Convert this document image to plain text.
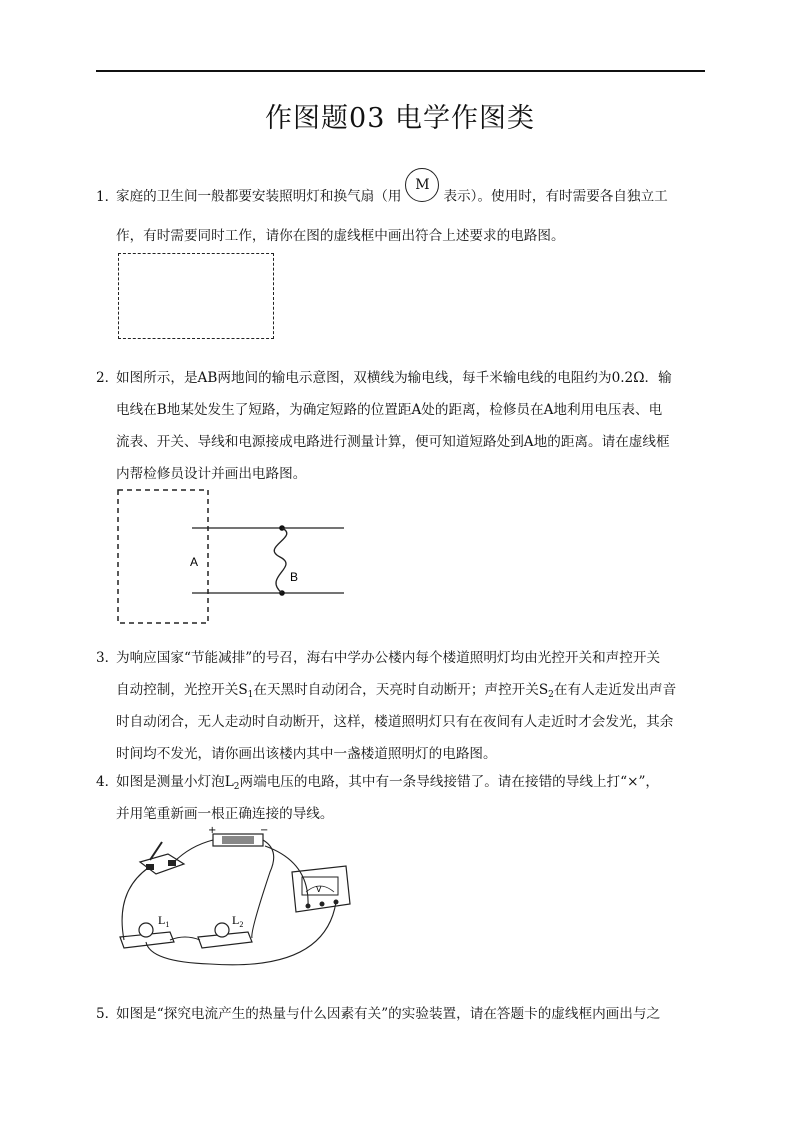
作图题03 电学作图类
1．家庭的卫生间一般都要安装照明灯和换气扇（用M表示）。使用时，有时需要各自独立工
作，有时需要同时工作，请你在图的虚线框中画出符合上述要求的电路图。
2．如图所示，是AB两地间的输电示意图，双横线为输电线，每千米输电线的电阻约为0.2Ω．输
电线在B地某处发生了短路，为确定短路的位置距A处的距离，检修员在A地利用电压表、电
流表、开关、导线和电源接成电路进行测量计算，便可知道短路处到A地的距离。请在虚线框
内帮检修员设计并画出电路图。
A
B
3．为响应国家“节能减排”的号召，海右中学办公楼内每个楼道照明灯均由光控开关和声控开关
自动控制，光控开关$S_1$在天黑时自动闭合，天亮时自动断开；声控开关$S_2$在有人走近发出声音
时自动闭合，无人走动时自动断开，这样，楼道照明灯只有在夜间有人走近时才会发光，其余
时间均不发光，请你画出该楼内其中一盏楼道照明灯的电路图。
4．如图是测量小灯泡$L_2$两端电压的电路，其中有一条导线接错了。请在接错的导线上打“×”，
并用笔重新画一根正确连接的导线。
+	−
V
$L_1$	$L_2$
5．如图是“探究电流产生的热量与什么因素有关”的实验装置，请在答题卡的虚线框内画出与之
